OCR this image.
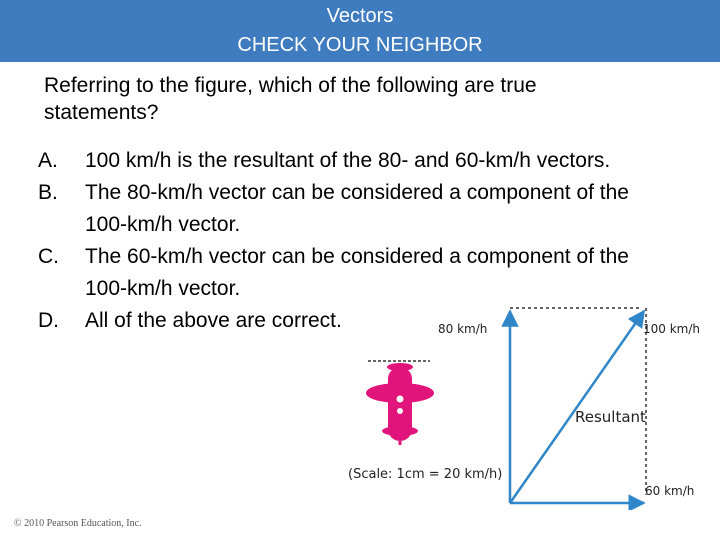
Vectors
CHECK YOUR NEIGHBOR
Referring to the figure, which of the following are true statements?
A.	100 km/h is the resultant of the 80- and 60-km/h vectors.
B.	The 80-km/h vector can be considered a component of the 100-km/h vector.
C.	The 60-km/h vector can be considered a component of the 100-km/h vector.
D.	All of the above are correct.	80 km/h	100 km/h
Resultant
60 km/h
(Scale: 1cm = 20 km/h)
© 2010 Pearson Education, Inc.
